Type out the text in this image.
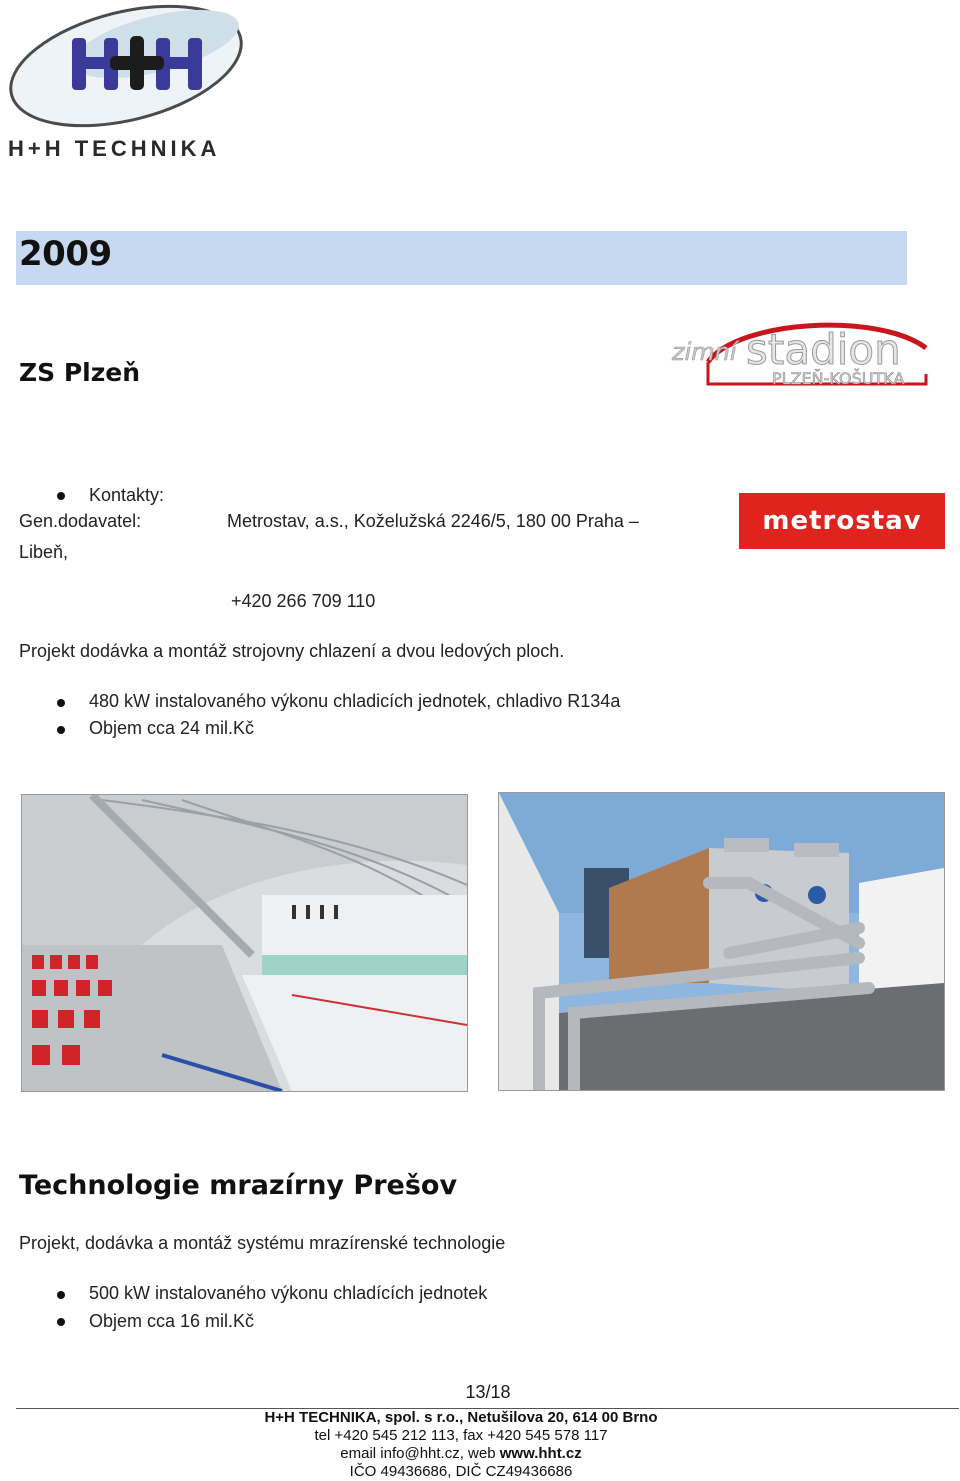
H+H TECHNIKA
2009
ZS Plzeň
zimní stadion
PLZEŇ-KOŠUTKA
Kontakty:
Gen.dodavatel:	Metrostav, a.s., Koželužská 2246/5, 180 00 Praha –
Libeň,
+420 266 709 110
metrostav
Projekt dodávka a montáž strojovny chlazení a dvou ledových ploch.
480 kW instalovaného výkonu chladicích jednotek, chladivo R134a
Objem cca 24 mil.Kč
Technologie mrazírny Prešov
Projekt, dodávka a montáž systému mrazírenské technologie
500 kW instalovaného výkonu chladících jednotek
Objem cca 16 mil.Kč
13/18
H+H TECHNIKA, spol. s r.o., Netušilova 20, 614 00 Brno
tel +420 545 212 113, fax +420 545 578 117
email info@hht.cz, web www.hht.cz
IČO 49436686, DIČ CZ49436686
